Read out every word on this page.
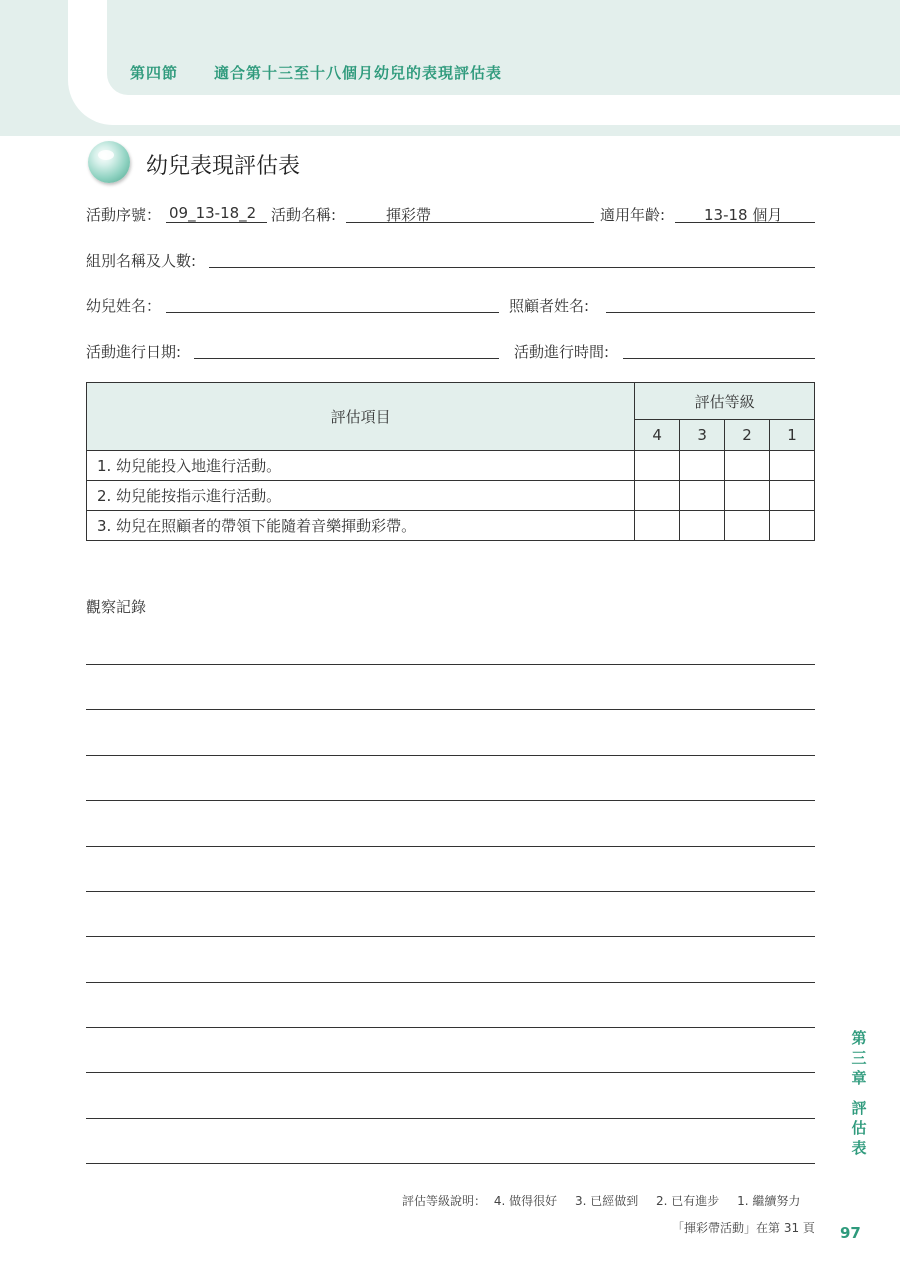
第四節 適合第十三至十八個月幼兒的表現評估表
幼兒表現評估表
活動序號： 09_13-18_2 活動名稱:	揮彩帶	適用年齡:	13-18 個月
組別名稱及人數:
幼兒姓名：	照顧者姓名:
活動進行日期:	活動進行時間:
評估項目	評估等級			
	4	3	2	1
1. 幼兒能投入地進行活動。				
2. 幼兒能按指示進行活動。				
3. 幼兒在照顧者的帶領下能隨着音樂揮動彩帶。				
觀察記錄
第
三
章
評
估
表
評估等級說明： 4. 做得很好 3. 已經做到 2. 已有進步 1. 繼續努力
「揮彩帶活動」在第 31 頁 97
